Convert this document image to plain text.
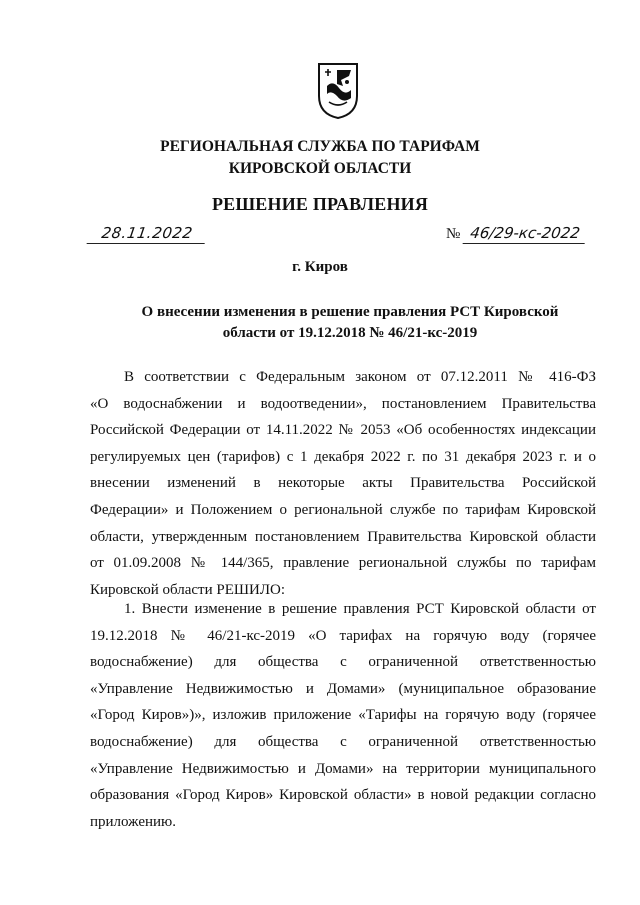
РЕГИОНАЛЬНАЯ СЛУЖБА ПО ТАРИФАМ
КИРОВСКОЙ ОБЛАСТИ
РЕШЕНИЕ ПРАВЛЕНИЯ
28.11.2022	№ 46/29-кс-2022
г. Киров
О внесении изменения в решение правления РСТ Кировской
области от 19.12.2018 № 46/21-кс-2019
В соответствии с Федеральным законом от 07.12.2011 № 416-ФЗ
«О водоснабжении и водоотведении», постановлением Правительства
Российской Федерации от 14.11.2022 № 2053 «Об особенностях индексации
регулируемых цен (тарифов) с 1 декабря 2022 г. по 31 декабря 2023 г. и о
внесении изменений в некоторые акты Правительства Российской
Федерации» и Положением о региональной службе по тарифам Кировской
области, утвержденным постановлением Правительства Кировской области
от 01.09.2008 № 144/365, правление региональной службы по тарифам
Кировской области РЕШИЛО:
1. Внести изменение в решение правления РСТ Кировской области от
19.12.2018 № 46/21-кс-2019 «О тарифах на горячую воду (горячее
водоснабжение) для общества с ограниченной ответственностью
«Управление Недвижимостью и Домами» (муниципальное образование
«Город Киров»)», изложив приложение «Тарифы на горячую воду (горячее
водоснабжение) для общества с ограниченной ответственностью
«Управление Недвижимостью и Домами» на территории муниципального
образования «Город Киров» Кировской области» в новой редакции согласно
приложению.
